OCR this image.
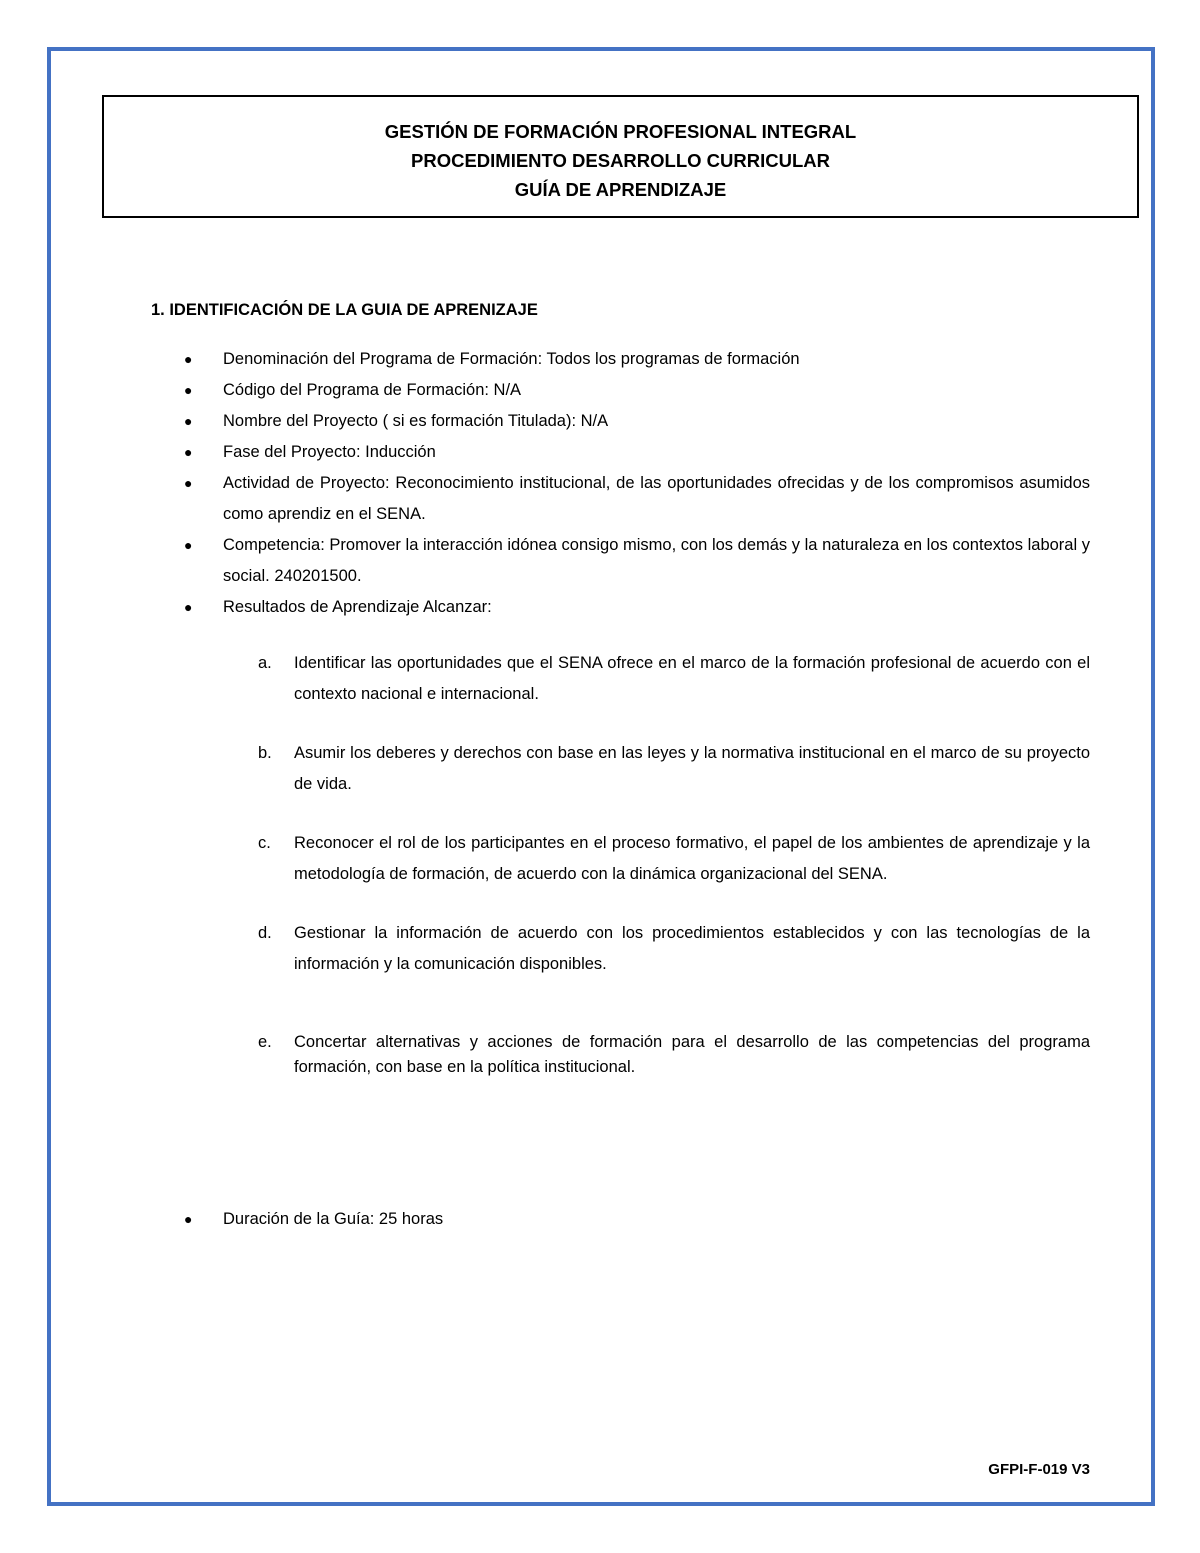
GESTIÓN DE FORMACIÓN PROFESIONAL INTEGRAL
PROCEDIMIENTO DESARROLLO CURRICULAR
GUÍA DE APRENDIZAJE
1. IDENTIFICACIÓN DE LA GUIA DE APRENIZAJE
● Denominación del Programa de Formación: Todos los programas de formación
● Código del Programa de Formación: N/A
● Nombre del Proyecto ( si es formación Titulada): N/A
● Fase del Proyecto: Inducción
● Actividad de Proyecto: Reconocimiento institucional, de las oportunidades ofrecidas y de los compromisos asumidos como aprendiz en el SENA.
● Competencia: Promover la interacción idónea consigo mismo, con los demás y la naturaleza en los contextos laboral y social. 240201500.
● Resultados de Aprendizaje Alcanzar:
a. Identificar las oportunidades que el SENA ofrece en el marco de la formación profesional de acuerdo con el contexto nacional e internacional.
b. Asumir los deberes y derechos con base en las leyes y la normativa institucional en el marco de su proyecto de vida.
c. Reconocer el rol de los participantes en el proceso formativo, el papel de los ambientes de aprendizaje y la metodología de formación, de acuerdo con la dinámica organizacional del SENA.
d. Gestionar la información de acuerdo con los procedimientos establecidos y con las tecnologías de la información y la comunicación disponibles.
e. Concertar alternativas y acciones de formación para el desarrollo de las competencias del programa formación, con base en la política institucional.
● Duración de la Guía: 25 horas
GFPI-F-019 V3
